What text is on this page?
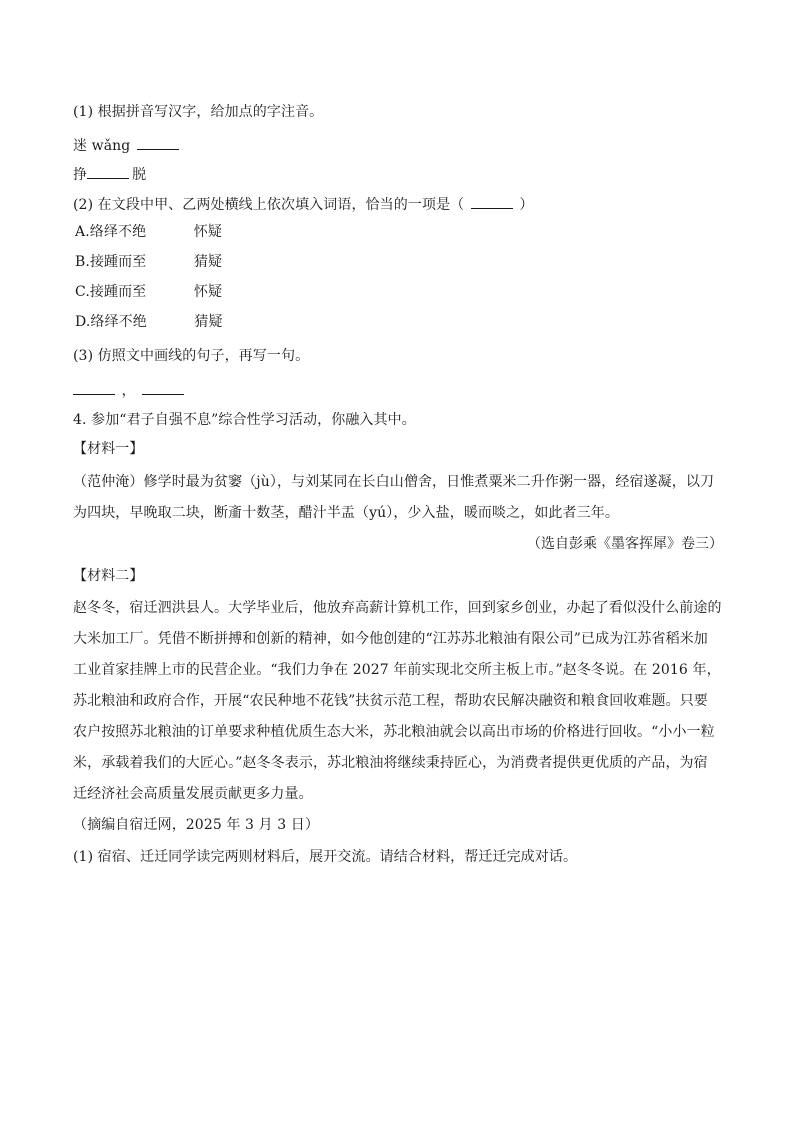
(1) 根据拼音写汉字，给加点的字注音。
迷 wǎng
挣	脱
(2) 在文段中甲、乙两处横线上依次填入词语，恰当的一项是（	）
A.络绎不绝	怀疑
B.接踵而至	猜疑
C.接踵而至	怀疑
D.络绎不绝	猜疑
(3) 仿照文中画线的句子，再写一句。
，
4. 参加“君子自强不息”综合性学习活动，你融入其中。
【材料一】
（范仲淹）修学时最为贫窭（jù），与刘某同在长白山僧舍，日惟煮粟米二升作粥一器，经宿遂凝，以刀
为四块，早晚取二块，断齑十数茎，醋汁半盂（yú），少入盐，暖而啖之，如此者三年。
（选自彭乘《墨客挥犀》卷三）
【材料二】
赵冬冬，宿迁泗洪县人。大学毕业后，他放弃高薪计算机工作，回到家乡创业，办起了看似没什么前途的
大米加工厂。凭借不断拼搏和创新的精神，如今他创建的“江苏苏北粮油有限公司”已成为江苏省稻米加
工业首家挂牌上市的民营企业。“我们力争在 2027 年前实现北交所主板上市。”赵冬冬说。在 2016 年，
苏北粮油和政府合作，开展“农民种地不花钱”扶贫示范工程，帮助农民解决融资和粮食回收难题。只要
农户按照苏北粮油的订单要求种植优质生态大米，苏北粮油就会以高出市场的价格进行回收。“小小一粒
米，承载着我们的大匠心。”赵冬冬表示，苏北粮油将继续秉持匠心，为消费者提供更优质的产品，为宿
迁经济社会高质量发展贡献更多力量。
（摘编自宿迁网，2025 年 3 月 3 日）
(1) 宿宿、迁迁同学读完两则材料后，展开交流。请结合材料，帮迁迁完成对话。
